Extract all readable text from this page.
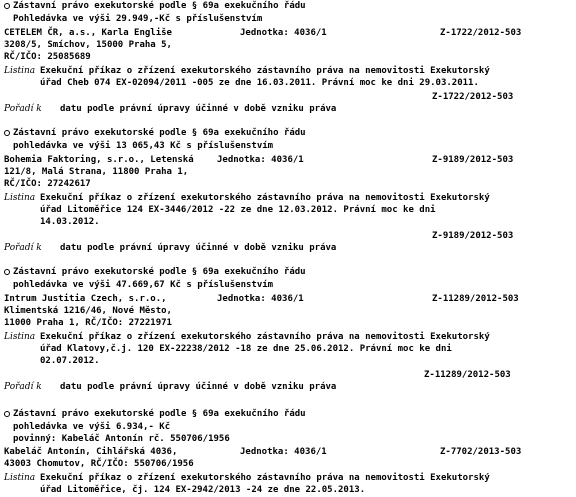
Zástavní právo exekutorské podle § 69a exekučního řádu
Pohledávka ve výši 29.949,-Kč s příslušenstvím
CETELEM ČR, a.s., Karla Engliše
3208/5, Smíchov, 15000 Praha 5,
RČ/IČO: 25085689
Jednotka: 4036/1	Z-1722/2012-503
Listina Exekuční příkaz o zřízení exekutorského zástavního práva na nemovitosti Exekutorský
úřad Cheb 074 EX-02094/2011 -005 ze dne 16.03.2011. Právní moc ke dni 29.03.2011.
Z-1722/2012-503
Pořadí k datu podle právní úpravy účinné v době vzniku práva
Zástavní právo exekutorské podle § 69a exekučního řádu
pohledávka ve výši 13 065,43 Kč s příslušenstvím
Bohemia Faktoring, s.r.o., Letenská
121/8, Malá Strana, 11800 Praha 1,
RČ/IČO: 27242617
Jednotka: 4036/1	Z-9189/2012-503
Listina Exekuční příkaz o zřízení exekutorského zástavního práva na nemovitosti Exekutorský
úřad Litoměřice 124 EX-3446/2012 -22 ze dne 12.03.2012. Právní moc ke dni
14.03.2012.
Z-9189/2012-503
Pořadí k datu podle právní úpravy účinné v době vzniku práva
Zástavní právo exekutorské podle § 69a exekučního řádu
pohledávka ve výši 47.669,67 Kč s příslušenstvím
Intrum Justitia Czech, s.r.o.,
Klimentská 1216/46, Nové Město,
11000 Praha 1, RČ/IČO: 27221971
Jednotka: 4036/1	Z-11289/2012-503
Listina Exekuční příkaz o zřízení exekutorského zástavního práva na nemovitosti Exekutorský
úřad Klatovy,č.j. 120 EX-22238/2012 -18 ze dne 25.06.2012. Právní moc ke dni
02.07.2012.
Z-11289/2012-503
Pořadí k datu podle právní úpravy účinné v době vzniku práva
Zástavní právo exekutorské podle § 69a exekučního řádu
pohledávka ve výši 6.934,- Kč
povinný: Kabeláč Antonín rč. 550706/1956
Kabeláč Antonín, Cihlářská 4036,
43003 Chomutov, RČ/IČO: 550706/1956
Jednotka: 4036/1	Z-7702/2013-503
Listina Exekuční příkaz o zřízení exekutorského zástavního práva na nemovitosti Exekutorský
úřad Litoměřice, čj. 124 EX-2942/2013 -24 ze dne 22.05.2013.
